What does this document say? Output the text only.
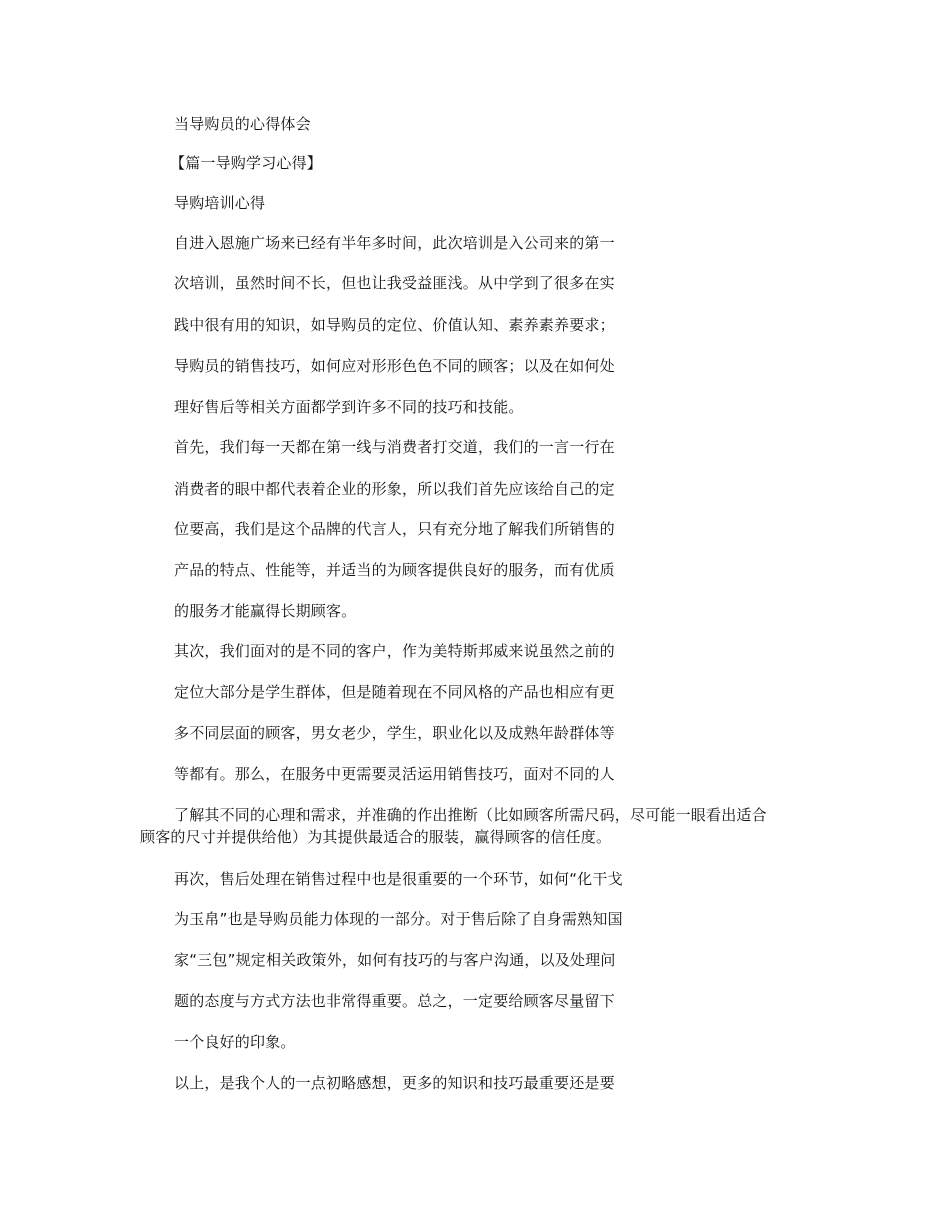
当导购员的心得体会
【篇一导购学习心得】
导购培训心得
自进入恩施广场来已经有半年多时间，此次培训是入公司来的第一
次培训，虽然时间不长，但也让我受益匪浅。从中学到了很多在实
践中很有用的知识，如导购员的定位、价值认知、素养素养要求；
导购员的销售技巧，如何应对形形色色不同的顾客；以及在如何处
理好售后等相关方面都学到许多不同的技巧和技能。
首先，我们每一天都在第一线与消费者打交道，我们的一言一行在
消费者的眼中都代表着企业的形象，所以我们首先应该给自己的定
位要高，我们是这个品牌的代言人，只有充分地了解我们所销售的
产品的特点、性能等，并适当的为顾客提供良好的服务，而有优质
的服务才能赢得长期顾客。
其次，我们面对的是不同的客户，作为美特斯邦威来说虽然之前的
定位大部分是学生群体，但是随着现在不同风格的产品也相应有更
多不同层面的顾客，男女老少，学生，职业化以及成熟年龄群体等
等都有。那么，在服务中更需要灵活运用销售技巧，面对不同的人
了解其不同的心理和需求，并准确的作出推断（比如顾客所需尺码，尽可能一眼看出适合
顾客的尺寸并提供给他）为其提供最适合的服装，赢得顾客的信任度。
再次，售后处理在销售过程中也是很重要的一个环节，如何“化干戈
为玉帛”也是导购员能力体现的一部分。对于售后除了自身需熟知国
家“三包”规定相关政策外，如何有技巧的与客户沟通，以及处理问
题的态度与方式方法也非常得重要。总之，一定要给顾客尽量留下
一个良好的印象。
以上，是我个人的一点初略感想，更多的知识和技巧最重要还是要
